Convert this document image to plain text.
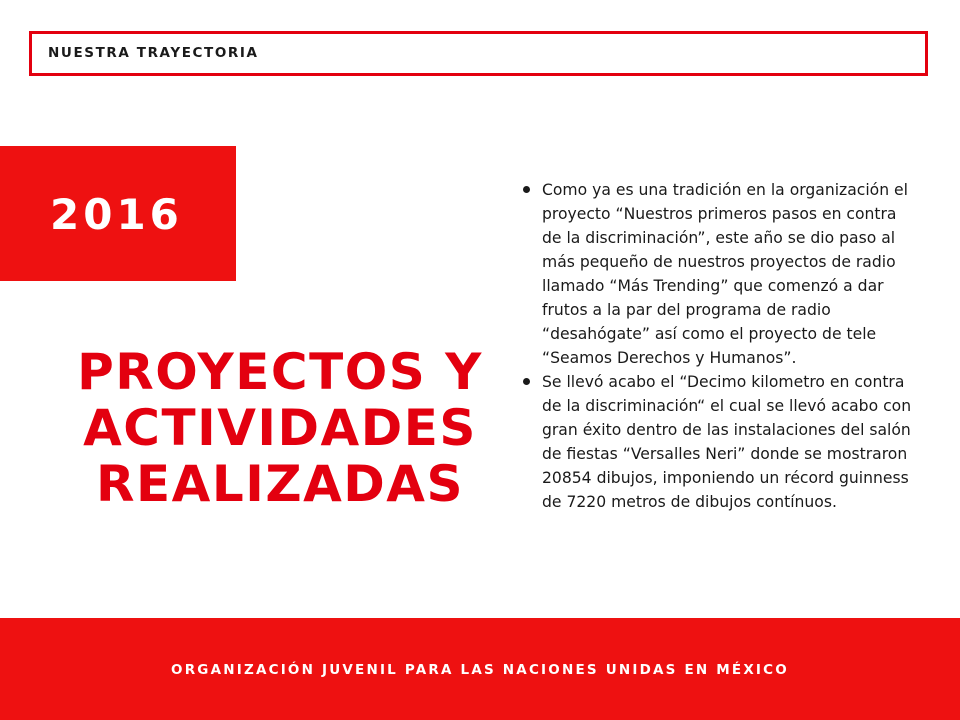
NUESTRA TRAYECTORIA
2016
PROYECTOS Y
ACTIVIDADES
REALIZADAS
Como ya es una tradición en la organización el proyecto “Nuestros primeros pasos en contra de la discriminación”, este año se dio paso al más pequeño de nuestros proyectos de radio llamado “Más Trending” que comenzó a dar frutos a la par del programa de radio “desahógate” así como el proyecto de tele “Seamos Derechos y Humanos”.
Se llevó acabo el “Decimo kilometro en contra de la discriminación“ el cual se llevó acabo con gran éxito dentro de las instalaciones del salón de fiestas “Versalles Neri” donde se mostraron 20854 dibujos, imponiendo un récord guinness de 7220 metros de dibujos contínuos.
ORGANIZACIÓN JUVENIL PARA LAS NACIONES UNIDAS EN MÉXICO
